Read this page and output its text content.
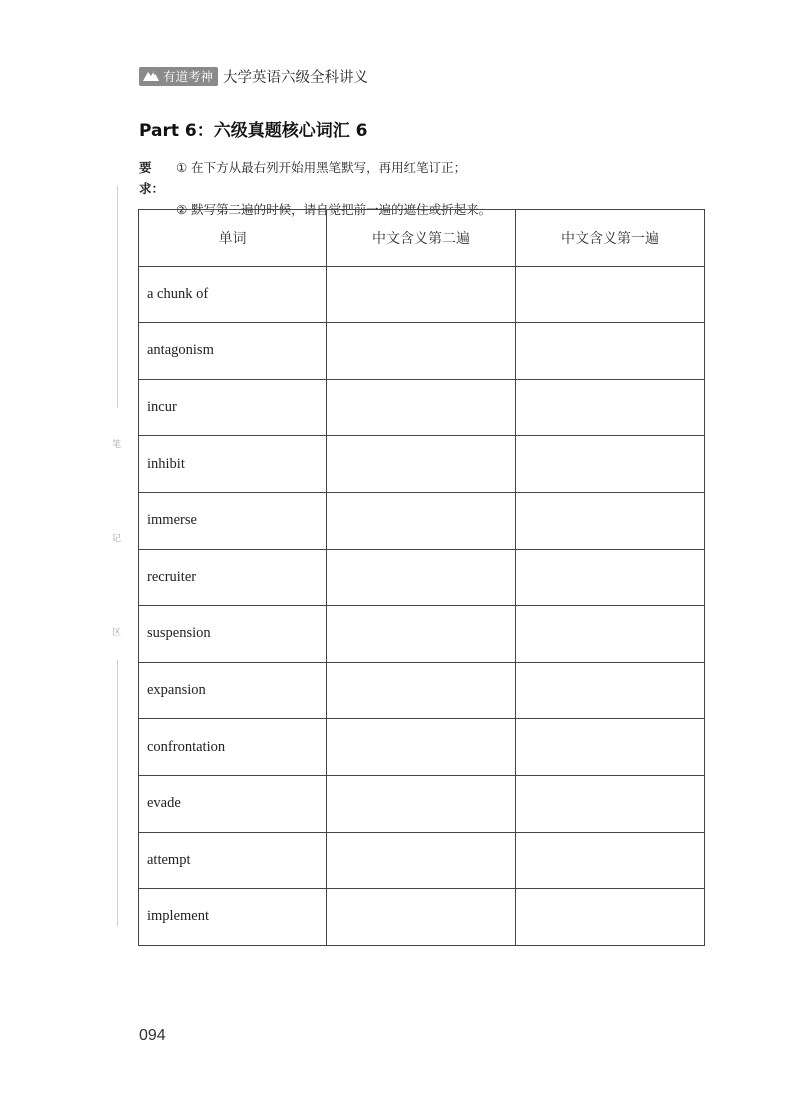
有道考神 大学英语六级全科讲义
Part 6：六级真题核心词汇 6
要求：
① 在下方从最右列开始用黑笔默写，再用红笔订正；
② 默写第二遍的时候，请自觉把前一遍的遮住或折起来。
笔
记
区
单词	中文含义第二遍	中文含义第一遍
a chunk of		
antagonism		
incur		
inhibit		
immerse		
recruiter		
suspension		
expansion		
confrontation		
evade		
attempt		
implement		
094
